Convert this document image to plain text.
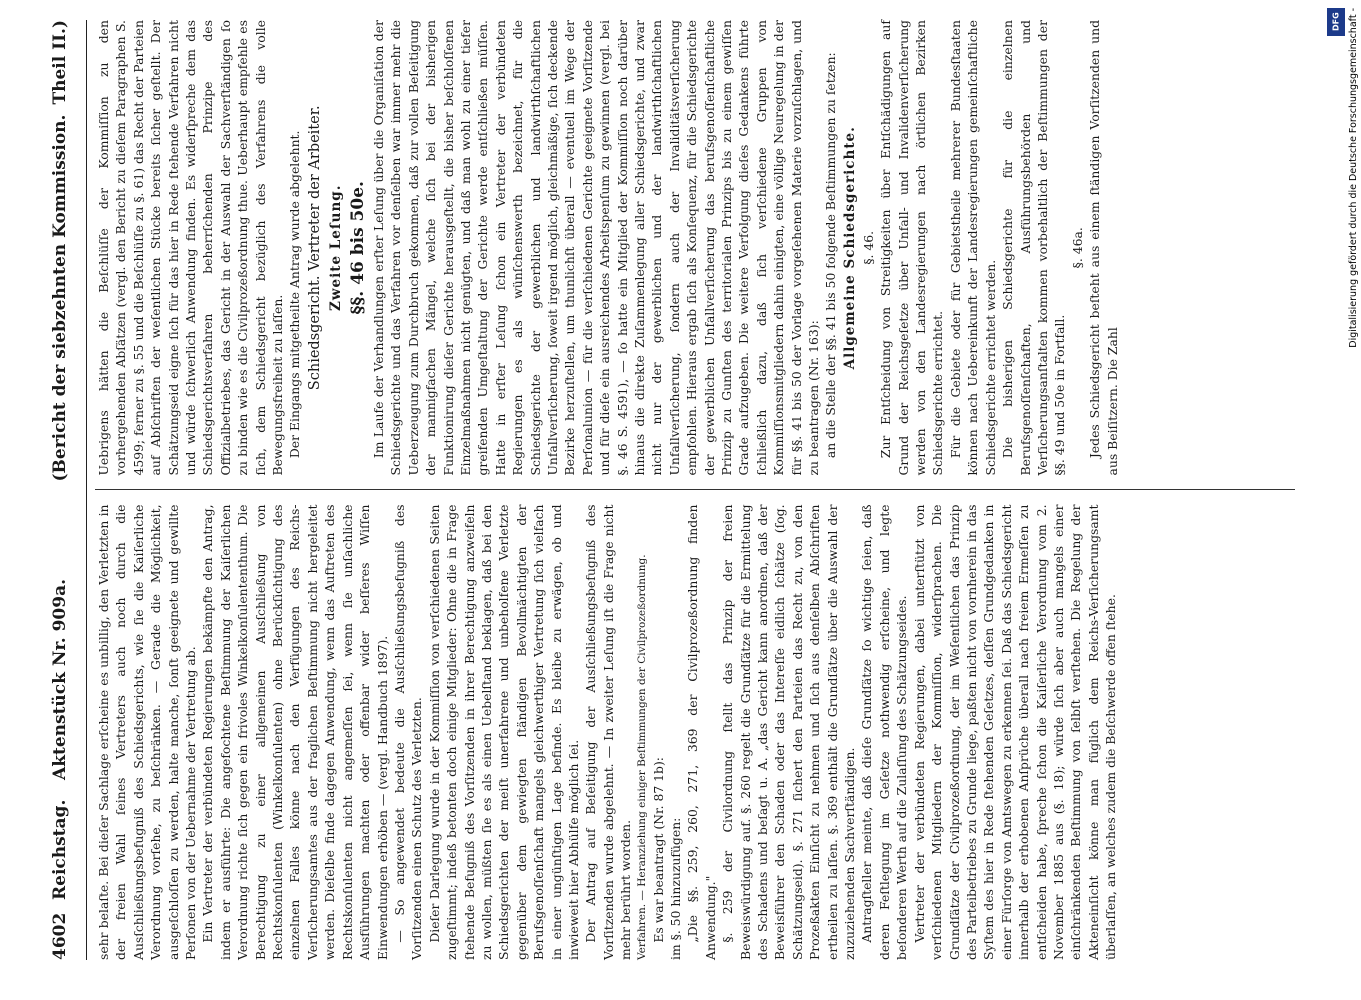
4602
Reichstag.
Aktenstück Nr. 909a.
(Bericht der siebzehnten Kommission.
Theil II.)

sehr belaſte. Bei dieſer Sachlage erſcheine es unbillig, den Verletzten in der freien Wahl ſeines Vertreters auch noch durch die Ausſchließungsbefugniß des Schiedsgerichts, wie ſie die Kaiſerliche Verordnung vorſehe, zu beſchränken. — Gerade die Möglichkeit, ausgeſchloſſen zu werden, halte manche, ſonſt geeignete und gewillte Perſonen von der Uebernahme der Vertretung ab. Ein Vertreter der verbündeten Regierungen bekämpfte den Antrag, indem er ausführte: Die angefochtene Beſtimmung der Kaiſerlichen Verordnung richte ſich gegen ein frivoles Winkelkonſulententhum. Die Berechtigung zu einer allgemeinen Ausſchließung von Rechtskonſulenten (Winkelkonſulenten) ohne Berückſichtigung des einzelnen Falles könne nach den Verfügungen des Reichs-Verſicherungsamtes aus der fraglichen Beſtimmung nicht hergeleitet werden. Dieſelbe finde dagegen Anwendung, wenn das Auftreten des Rechtskonſulenten nicht angemeſſen ſei, wenn ſie unſachliche Ausführungen machten oder offenbar wider beſſeres Wiſſen Einwendungen erhöben — (vergl. Handbuch 1897). — So angewendet bedeute die Ausſchließungsbefugniß des Vorſitzenden einen Schutz des Verletzten. Dieſer Darlegung wurde in der Kommiſſion von verſchiedenen Seiten zugeſtimmt; indeß betonten doch einige Mitglieder: Ohne die in Frage ſtehende Befugniß des Vorſitzenden in ihrer Berechtigung anzweifeln zu wollen, müßten ſie es als einen Uebelſtand beklagen, daß bei den Schiedsgerichten der meiſt unerfahrene und unbeholfene Verletzte gegenüber dem gewiegten ſtändigen Bevollmächtigten der Berufsgenoſſenſchaft mangels gleichwerthiger Vertretung ſich vielfach in einer ungünſtigen Lage befinde. Es bleibe zu erwägen, ob und inwieweit hier Abhülfe möglich ſei. Der Antrag auf Beſeitigung der Ausſchließungsbefugniß des Vorſitzenden wurde abgelehnt. — In zweiter Leſung iſt die Frage nicht mehr berührt worden. Verfahren. — Heranziehung einiger Beſtimmungen der Civilprozeßordnung. Es war beantragt (Nr. 87 1b): im §. 50 hinzuzufügen: „Die §§. 259, 260, 271, 369 der Civilprozeßordnung finden Anwendung." §. 259 der Civilordnung ſtellt das Prinzip der freien Beweiswürdigung auf. §. 260 regelt die Grundſätze für die Ermittelung des Schadens und beſagt u. A. „das Gericht kann anordnen, daß der Beweisführer den Schaden oder das Intereſſe eidlich ſchätze (ſog. Schätzungseid). §. 271 ſichert den Parteien das Recht zu, von den Prozeßakten Einſicht zu nehmen und ſich aus denſelben Abſchriften ertheilen zu laſſen. §. 369 enthält die Grundſätze über die Auswahl der zuzuziehenden Sachverſtändigen. Antragſteller meinte, daß dieſe Grundſätze ſo wichtige ſeien, daß deren Feſtlegung im Geſetze nothwendig erſcheine, und legte beſonderen Werth auf die Zulaſſung des Schätzungseides. Vertreter der verbündeten Regierungen, dabei unterſtützt von verſchiedenen Mitgliedern der Kommiſſion, widerſprachen. Die Grundſätze der Civilprozeßordnung, der im Weſentlichen das Prinzip des Parteibetriebes zu Grunde liege, paßten nicht von vornherein in das Syſtem des hier in Rede ſtehenden Geſetzes, deſſen Grundgedanken in einer Fürſorge von Amtswegen zu erkennen ſei. Daß das Schiedsgericht innerhalb der erhobenen Anſprüche überall nach freiem Ermeſſen zu entſcheiden habe, ſpreche ſchon die Kaiſerliche Verordnung vom 2. November 1885 aus (§. 18); würde ſich aber auch mangels einer einſchränkenden Beſtimmung von ſelbſt verſtehen. Die Regelung der Akteneinſicht könne man füglich dem Reichs-Verſicherungsamt überlaſſen, an welches zudem die Beſchwerde offen ſtehe.

Uebrigens hätten die Beſchlüſſe der Kommiſſion zu den vorhergehenden Abſätzen (vergl. den Bericht zu dieſem Paragraphen S. 4599; ferner zu §. 55 und die Beſchlüſſe zu §. 61) das Recht der Parteien auf Abſchriften der weſentlichen Stücke bereits ſicher geſtellt. Der Schätzungseid eigne ſich für das hier in Rede ſtehende Verfahren nicht und würde ſchwerlich Anwendung finden. Es widerſpreche dem das Schiedsgerichtsverfahren beherrſchenden Prinzipe des Offizialbetriebes, das Gericht in der Auswahl der Sachverſtändigen ſo zu binden wie es die Civilprozeßordnung thue. Ueberhaupt empfehle es ſich, dem Schiedsgericht bezüglich des Verfahrens die volle Bewegungsfreiheit zu laſſen. Der Eingangs mitgetheilte Antrag wurde abgelehnt. Schiedsgericht. Vertreter der Arbeiter. Zweite Leſung. §§. 46 bis 50e. Im Laufe der Verhandlungen erſter Leſung über die Organiſation der Schiedsgerichte und das Verfahren vor denſelben war immer mehr die Ueberzeugung zum Durchbruch gekommen, daß zur vollen Beſeitigung der mannigfachen Mängel, welche ſich bei der bisherigen Funktionirung dieſer Gerichte herausgeſtellt, die bisher beſchloſſenen Einzelmaßnahmen nicht genügten, und daß man wohl zu einer tiefer greifenden Umgeſtaltung der Gerichte werde entſchließen müſſen. Hatte in erſter Leſung ſchon ein Vertreter der verbündeten Regierungen es als wünſchenswerth bezeichnet, für die Schiedsgerichte der gewerblichen und landwirthſchaftlichen Unfallverſicherung, ſoweit irgend möglich, gleichmäßige, ſich deckende Bezirke herzuſtellen, um thunlichſt überall — eventuell im Wege der Perſonalunion — für die verſchiedenen Gerichte geeignete Vorſitzende und für dieſe ein ausreichendes Arbeitspenſum zu gewinnen (vergl. bei §. 46 S. 4591), — ſo hatte ein Mitglied der Kommiſſion noch darüber hinaus die direkte Zuſammenlegung aller Schiedsgerichte, und zwar nicht nur der gewerblichen und der landwirthſchaftlichen Unfallverſicherung, ſondern auch der Invaliditätsverſicherung empfohlen. Hieraus ergab ſich als Konſequenz, für die Schiedsgerichte der gewerblichen Unfallverſicherung das berufsgenoſſenſchaftliche Prinzip zu Gunſten des territorialen Prinzips bis zu einem gewiſſen Grade aufzugeben. Die weitere Verfolgung dieſes Gedankens führte ſchließlich dazu, daß ſich verſchiedene Gruppen von Kommiſſionsmitgliedern dahin einigten, eine völlige Neuregelung in der für §§. 41 bis 50 der Vorlage vorgeſehenen Materie vorzuſchlagen, und zu beantragen (Nr. 163): an die Stelle der §§. 41 bis 50 folgende Beſtimmungen zu ſetzen: Allgemeine Schiedsgerichte. §. 46. Zur Entſcheidung von Streitigkeiten über Entſchädigungen auf Grund der Reichsgeſetze über Unfall- und Invalidenverſicherung werden von den Landesregierungen nach örtlichen Bezirken Schiedsgerichte errichtet. Für die Gebiete oder für Gebietstheile mehrerer Bundesſtaaten können nach Uebereinkunft der Landesregierungen gemeinſchaftliche Schiedsgerichte errichtet werden. Die bisherigen Schiedsgerichte für die einzelnen Berufsgenoſſenſchaften, Ausführungsbehörden und Verſicherungsanſtalten kommen vorbehaltlich der Beſtimmungen der §§. 49 und 50e in Fortfall.

§. 46a. Jedes Schiedsgericht beſteht aus einem ſtändigen Vorſitzenden und aus Beiſitzern. Die Zahl

DFG Digitalisierung gefördert durch die Deutsche Forschungsgemeinschaft -
